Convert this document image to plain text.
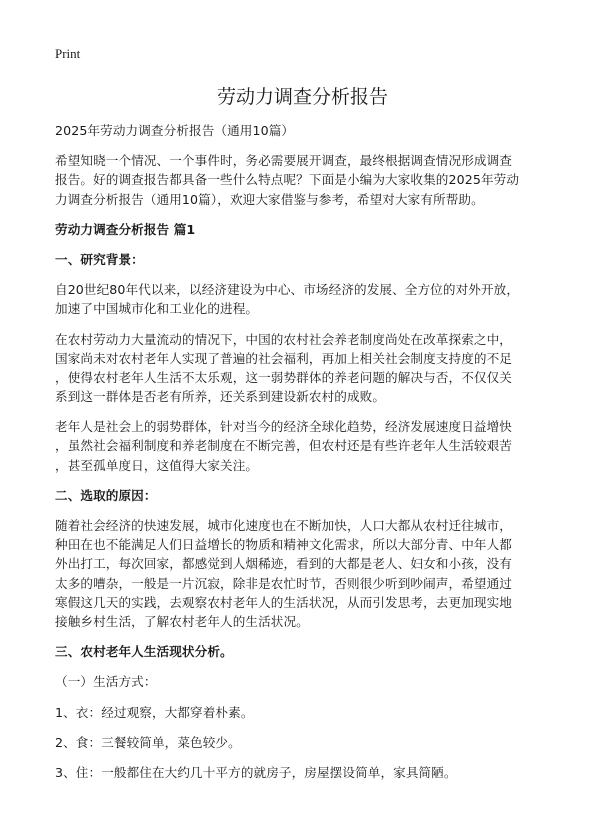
Print

劳动力调查分析报告
2025年劳动力调查分析报告（通用10篇）
希望知晓一个情况、一个事件时，务必需要展开调查，最终根据调查情况形成调查
报告。好的调查报告都具备一些什么特点呢？下面是小编为大家收集的2025年劳动
力调查分析报告（通用10篇），欢迎大家借鉴与参考，希望对大家有所帮助。
劳动力调查分析报告 篇1
一、研究背景：
自20世纪80年代以来，以经济建设为中心、市场经济的发展、全方位的对外开放，
加速了中国城市化和工业化的进程。
在农村劳动力大量流动的情况下，中国的农村社会养老制度尚处在改革探索之中，
国家尚未对农村老年人实现了普遍的社会福利，再加上相关社会制度支持度的不足
，使得农村老年人生活不太乐观，这一弱势群体的养老问题的解决与否，不仅仅关
系到这一群体是否老有所养，还关系到建设新农村的成败。
老年人是社会上的弱势群体，针对当今的经济全球化趋势，经济发展速度日益增快
，虽然社会福利制度和养老制度在不断完善，但农村还是有些许老年人生活较艰苦
，甚至孤单度日，这值得大家关注。
二、选取的原因：
随着社会经济的快速发展，城市化速度也在不断加快，人口大都从农村迁往城市，
种田在也不能满足人们日益增长的物质和精神文化需求，所以大部分青、中年人都
外出打工，每次回家，都感觉到人烟稀迹，看到的大都是老人、妇女和小孩，没有
太多的嘈杂，一般是一片沉寂，除非是农忙时节，否则很少听到吵闹声，希望通过
寒假这几天的实践，去观察农村老年人的生活状况，从而引发思考，去更加现实地
接触乡村生活，了解农村老年人的生活状况。
三、农村老年人生活现状分析。
（一）生活方式：
1、衣：经过观察，大都穿着朴素。
2、食：三餐较简单，菜色较少。
3、住：一般都住在大约几十平方的就房子，房屋摆设简单，家具简陋。
